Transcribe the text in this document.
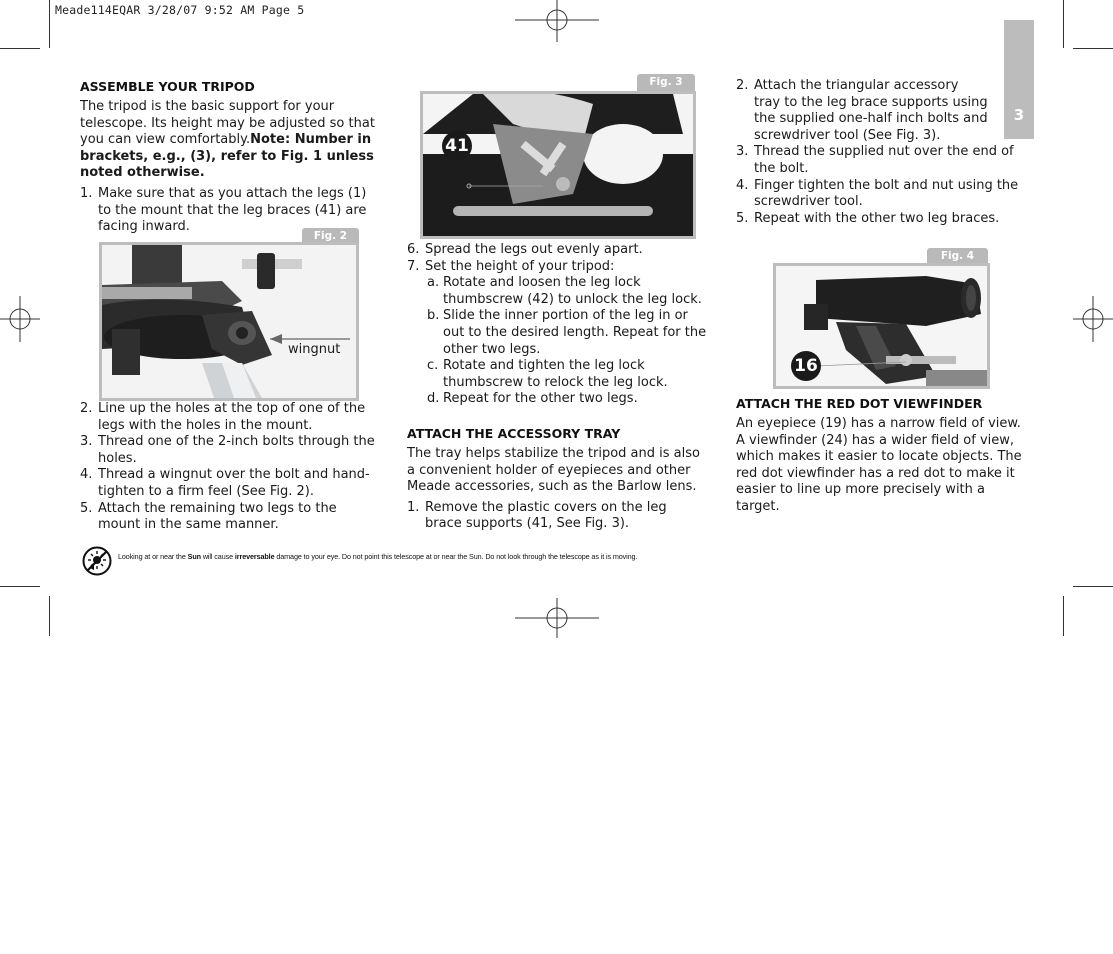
Meade114EQAR 3/28/07 9:52 AM Page 5
3
ASSEMBLE YOUR TRIPOD
The tripod is the basic support for your telescope. Its height may be adjusted so that you can view comfortably.Note: Number in brackets, e.g., (3), refer to Fig. 1 unless noted otherwise.
1. Make sure that as you attach the legs (1) to the mount that the leg braces (41) are facing inward.
Fig. 2
wingnut
2. Line up the holes at the top of one of the legs with the holes in the mount.
3. Thread one of the 2-inch bolts through the holes.
4. Thread a wingnut over the bolt and hand-tighten to a firm feel (See Fig. 2).
5. Attach the remaining two legs to the mount in the same manner.
Fig. 3
41
6. Spread the legs out evenly apart.
7. Set the height of your tripod:
a. Rotate and loosen the leg lock thumbscrew (42) to unlock the leg lock.
b. Slide the inner portion of the leg in or out to the desired length. Repeat for the other two legs.
c. Rotate and tighten the leg lock thumbscrew to relock the leg lock.
d. Repeat for the other two legs.
ATTACH THE ACCESSORY TRAY
The tray helps stabilize the tripod and is also a convenient holder of eyepieces and other Meade accessories, such as the Barlow lens.
1. Remove the plastic covers on the leg brace supports (41, See Fig. 3).
2. Attach the triangular accessory tray to the leg brace supports using the supplied one-half inch bolts and screwdriver tool (See Fig. 3).
3. Thread the supplied nut over the end of the bolt.
4. Finger tighten the bolt and nut using the screwdriver tool.
5. Repeat with the other two leg braces.
Fig. 4
16
ATTACH THE RED DOT VIEWFINDER
An eyepiece (19) has a narrow field of view. A viewfinder (24) has a wider field of view, which makes it easier to locate objects. The red dot viewfinder has a red dot to make it easier to line up more precisely with a target.
Looking at or near the Sun will cause irreversable damage to your eye. Do not point this telescope at or near the Sun. Do not look through the telescope as it is moving.
